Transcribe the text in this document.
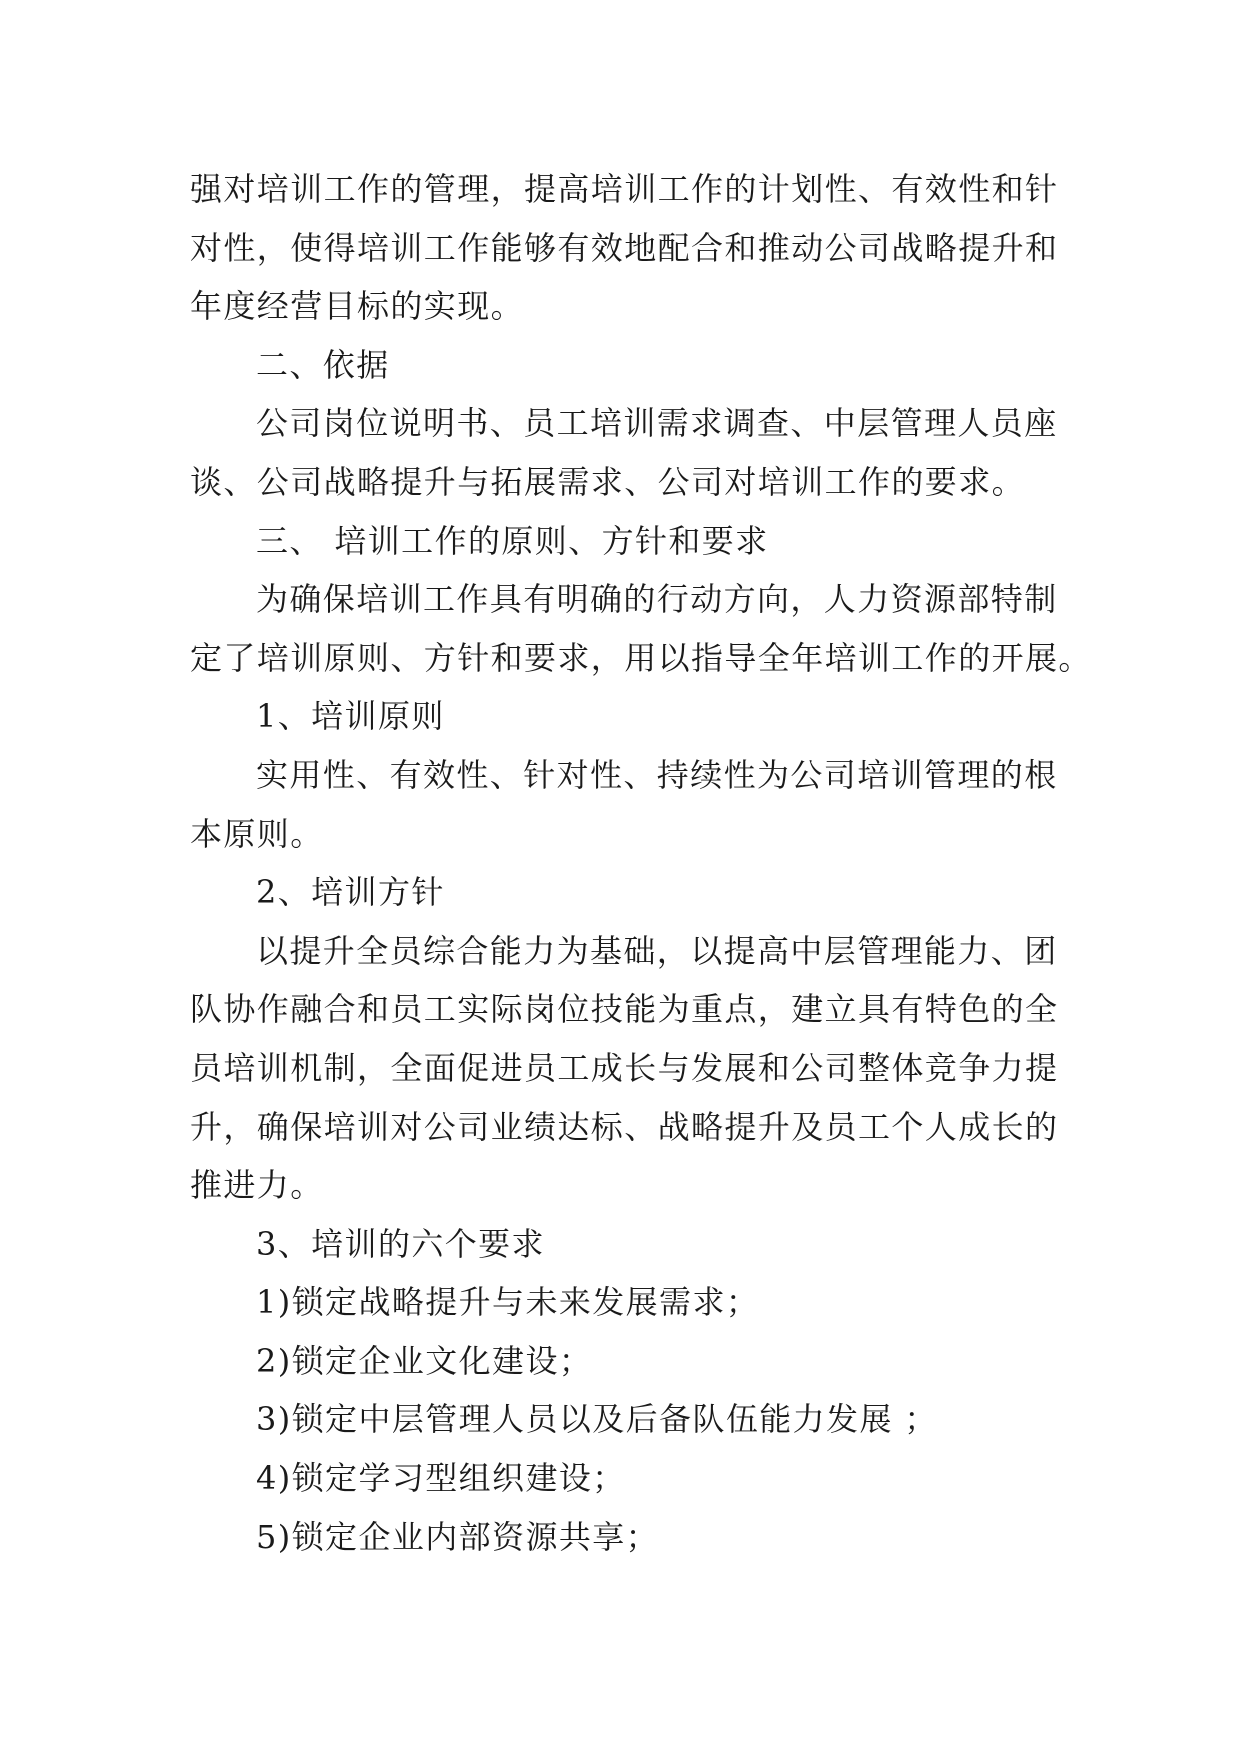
强对培训工作的管理，提高培训工作的计划性、有效性和针
对性，使得培训工作能够有效地配合和推动公司战略提升和
年度经营目标的实现。
二、依据
公司岗位说明书、员工培训需求调查、中层管理人员座
谈、公司战略提升与拓展需求、公司对培训工作的要求。
三、 培训工作的原则、方针和要求
为确保培训工作具有明确的行动方向，人力资源部特制
定了培训原则、方针和要求，用以指导全年培训工作的开展。
1、培训原则
实用性、有效性、针对性、持续性为公司培训管理的根
本原则。
2、培训方针
以提升全员综合能力为基础，以提高中层管理能力、团
队协作融合和员工实际岗位技能为重点，建立具有特色的全
员培训机制，全面促进员工成长与发展和公司整体竞争力提
升，确保培训对公司业绩达标、战略提升及员工个人成长的
推进力。
3、培训的六个要求
1)锁定战略提升与未来发展需求；
2)锁定企业文化建设；
3)锁定中层管理人员以及后备队伍能力发展 ；
4)锁定学习型组织建设；
5)锁定企业内部资源共享；
